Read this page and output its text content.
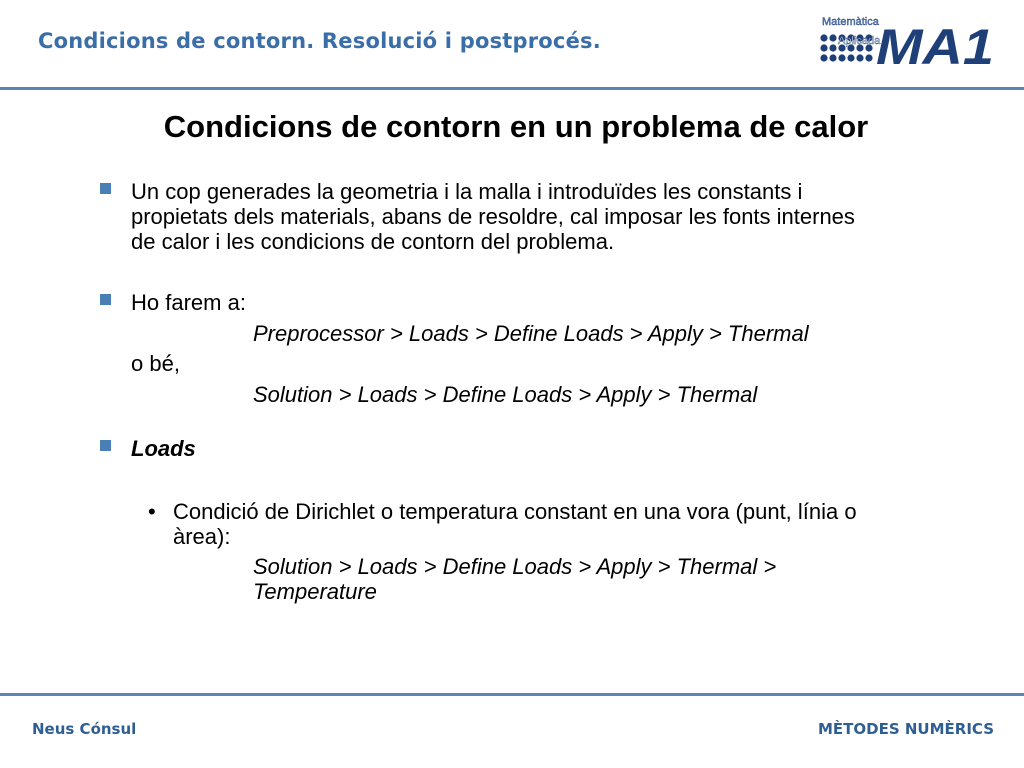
Condicions de contorn. Resolució i postprocés.
Matemàtica
Aplicada
MA1
Condicions de contorn en un problema de calor
Un cop generades la geometria i la malla i introduïdes les constants i
propietats dels materials, abans de resoldre, cal imposar les fonts internes
de calor i les condicions de contorn del problema.
Ho farem a:
Preprocessor > Loads > Define Loads > Apply > Thermal
o bé,
Solution > Loads > Define Loads > Apply > Thermal
Loads
• Condició de Dirichlet o temperatura constant en una vora (punt, línia o
àrea):
Solution > Loads > Define Loads > Apply > Thermal >
Temperature
Neus Cónsul	MÈTODES NUMÈRICS
